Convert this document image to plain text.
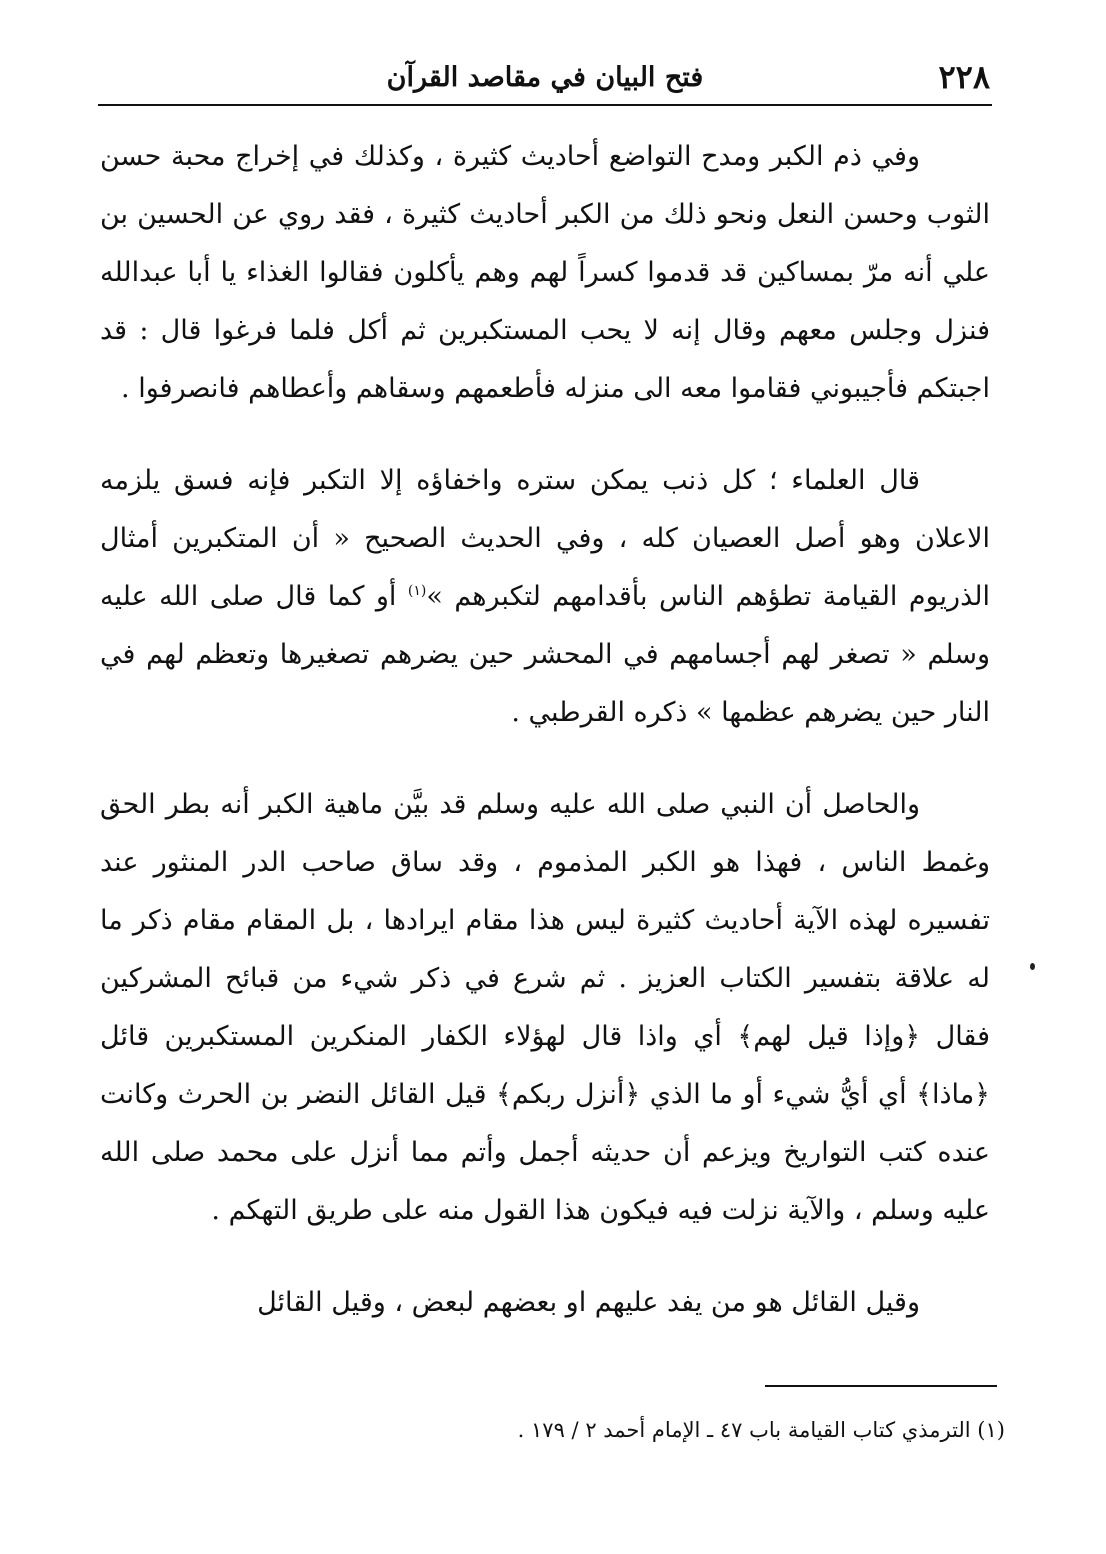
٢٢٨
فتح البيان في مقاصد القرآن

وفي ذم الكبر ومدح التواضع أحاديث كثيرة ، وكذلك في إخراج محبة حسن الثوب وحسن النعل ونحو ذلك من الكبر أحاديث كثيرة ، فقد روي عن الحسين بن علي أنه مرّ بمساكين قد قدموا كسراً لهم وهم يأكلون فقالوا الغذاء يا أبا عبدالله فنزل وجلس معهم وقال إنه لا يحب المستكبرين ثم أكل فلما فرغوا قال : قد اجبتكم فأجيبوني فقاموا معه الى منزله فأطعمهم وسقاهم وأعطاهم فانصرفوا .

قال العلماء ؛ كل ذنب يمكن ستره واخفاؤه إلا التكبر فإنه فسق يلزمه الاعلان وهو أصل العصيان كله ، وفي الحديث الصحيح « أن المتكبرين أمثال الذريوم القيامة تطؤهم الناس بأقدامهم لتكبرهم »$^{(١)}$ أو كما قال صلى الله عليه وسلم « تصغر لهم أجسامهم في المحشر حين يضرهم تصغيرها وتعظم لهم في النار حين يضرهم عظمها » ذكره القرطبي .

والحاصل أن النبي صلى الله عليه وسلم قد بيَّن ماهية الكبر أنه بطر الحق وغمط الناس ، فهذا هو الكبر المذموم ، وقد ساق صاحب الدر المنثور عند تفسيره لهذه الآية أحاديث كثيرة ليس هذا مقام ايرادها ، بل المقام مقام ذكر ما له علاقة بتفسير الكتاب العزيز . ثم شرع في ذكر شيء من قبائح المشركين فقال ﴿وإذا قيل لهم﴾ أي واذا قال لهؤلاء الكفار المنكرين المستكبرين قائل ﴿ماذا﴾ أي أيُّ شيء أو ما الذي ﴿أنزل ربكم﴾ قيل القائل النضر بن الحرث وكانت عنده كتب التواريخ ويزعم أن حديثه أجمل وأتم مما أنزل على محمد صلى الله عليه وسلم ، والآية نزلت فيه فيكون هذا القول منه على طريق التهكم .

وقيل القائل هو من يفد عليهم او بعضهم لبعض ، وقيل القائل

(١) الترمذي كتاب القيامة باب ٤٧ ـ الإمام أحمد ٢ / ١٧٩ .
